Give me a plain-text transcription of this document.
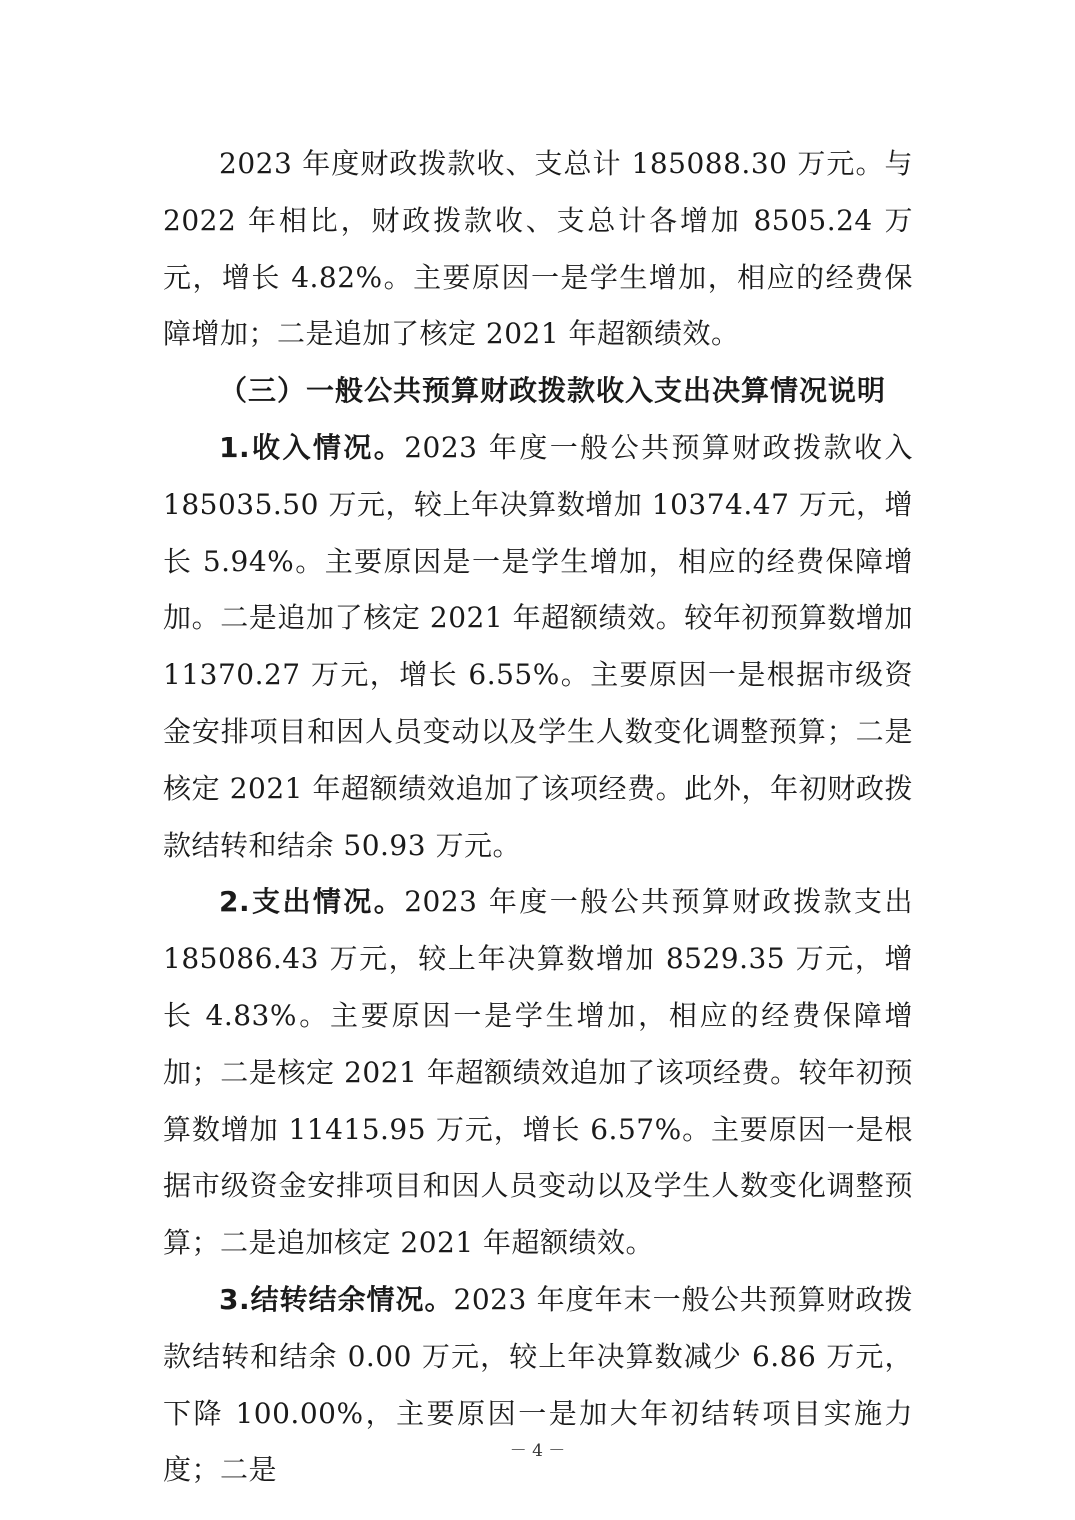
2023 年度财政拨款收、支总计 185088.30 万元。与 2022 年相比，财政拨款收、支总计各增加 8505.24 万元，增长 4.82%。主要原因一是学生增加，相应的经费保障增加；二是追加了核定 2021 年超额绩效。

（三）一般公共预算财政拨款收入支出决算情况说明

1.收入情况。2023 年度一般公共预算财政拨款收入 185035.50 万元，较上年决算数增加 10374.47 万元，增长 5.94%。主要原因是一是学生增加，相应的经费保障增加。二是追加了核定 2021 年超额绩效。较年初预算数增加 11370.27 万元，增长 6.55%。主要原因一是根据市级资金安排项目和因人员变动以及学生人数变化调整预算；二是核定 2021 年超额绩效追加了该项经费。此外，年初财政拨款结转和结余 50.93 万元。

2.支出情况。2023 年度一般公共预算财政拨款支出 185086.43 万元，较上年决算数增加 8529.35 万元，增长 4.83%。主要原因一是学生增加，相应的经费保障增加；二是核定 2021 年超额绩效追加了该项经费。较年初预算数增加 11415.95 万元，增长 6.57%。主要原因一是根据市级资金安排项目和因人员变动以及学生人数变化调整预算；二是追加核定 2021 年超额绩效。

3.结转结余情况。2023 年度年末一般公共预算财政拨款结转和结余 0.00 万元，较上年决算数减少 6.86 万元，下降 100.00%，主要原因一是加大年初结转项目实施力度；二是

－ 4 －
